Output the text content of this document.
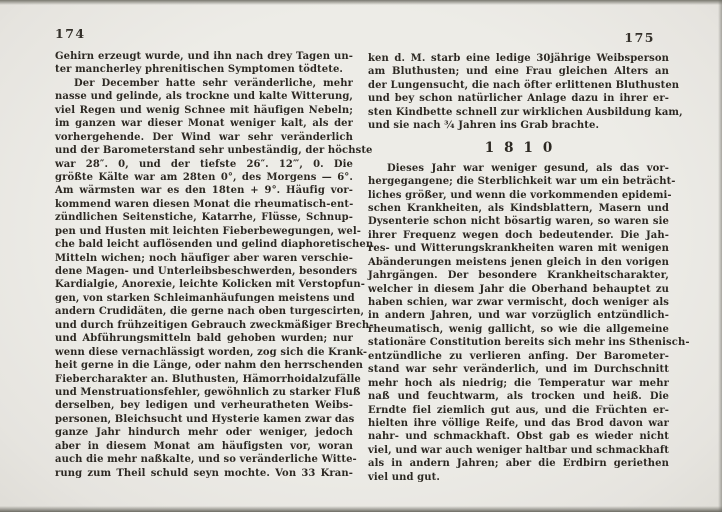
174
Gehirn erzeugt wurde, und ihn nach drey Tagen un-
ter mancherley phrenitischen Symptomen tödtete.
Der December hatte sehr veränderliche, mehr
nasse und gelinde, als trockne und kalte Witterung,
viel Regen und wenig Schnee mit häufigen Nebeln;
im ganzen war dieser Monat weniger kalt, als der
vorhergehende. Der Wind war sehr veränderlich
und der Barometerstand sehr unbeständig, der höchste
war 28″. 0, und der tiefste 26″. 12‴, 0. Die
größte Kälte war am 28ten 0°, des Morgens — 6°.
Am wärmsten war es den 18ten + 9°. Häufig vor-
kommend waren diesen Monat die rheumatisch-ent-
zündlichen Seitenstiche, Katarrhe, Flüsse, Schnup-
pen und Husten mit leichten Fieberbewegungen, wel-
che bald leicht auflösenden und gelind diaphoretischen
Mitteln wichen; noch häufiger aber waren verschie-
dene Magen- und Unterleibsbeschwerden, besonders
Kardialgie, Anorexie, leichte Kolicken mit Verstopfun-
gen, von starken Schleimanhäufungen meistens und
andern Crudidäten, die gerne nach oben turgescirten,
und durch frühzeitigen Gebrauch zweckmäßiger Brech-
und Abführungsmitteln bald gehoben wurden; nur
wenn diese vernachlässigt worden, zog sich die Krank-
heit gerne in die Länge, oder nahm den herrschenden
Fiebercharakter an. Bluthusten, Hämorrhoidalzufälle
und Menstruationsfehler, gewöhnlich zu starker Fluß
derselben, bey ledigen und verheuratheten Weibs-
personen, Bleichsucht und Hysterie kamen zwar das
ganze Jahr hindurch mehr oder weniger, jedoch
aber in diesem Monat am häufigsten vor, woran
auch die mehr naßkalte, und so veränderliche Witte-
rung zum Theil schuld seyn mochte. Von 33 Kran-
175
ken d. M. starb eine ledige 30jährige Weibsperson
am Bluthusten; und eine Frau gleichen Alters an
der Lungensucht, die nach öfter erlittenen Bluthusten
und bey schon natürlicher Anlage dazu in ihrer er-
sten Kindbette schnell zur wirklichen Ausbildung kam,
und sie nach ¾ Jahren ins Grab brachte.
1810
Dieses Jahr war weniger gesund, als das vor-
hergegangene; die Sterblichkeit war um ein beträcht-
liches größer, und wenn die vorkommenden epidemi-
schen Krankheiten, als Kindsblattern, Masern und
Dysenterie schon nicht bösartig waren, so waren sie
ihrer Frequenz wegen doch bedeutender. Die Jah-
res- und Witterungskrankheiten waren mit wenigen
Abänderungen meistens jenen gleich in den vorigen
Jahrgängen. Der besondere Krankheitscharakter,
welcher in diesem Jahr die Oberhand behauptet zu
haben schien, war zwar vermischt, doch weniger als
in andern Jahren, und war vorzüglich entzündlich-
rheumatisch, wenig gallicht, so wie die allgemeine
stationäre Constitution bereits sich mehr ins Sthenisch-
entzündliche zu verlieren anfing. Der Barometer-
stand war sehr veränderlich, und im Durchschnitt
mehr hoch als niedrig; die Temperatur war mehr
naß und feuchtwarm, als trocken und heiß. Die
Erndte fiel ziemlich gut aus, und die Früchten er-
hielten ihre völlige Reife, und das Brod davon war
nahr- und schmackhaft. Obst gab es wieder nicht
viel, und war auch weniger haltbar und schmackhaft
als in andern Jahren; aber die Erdbirn geriethen
viel und gut.
